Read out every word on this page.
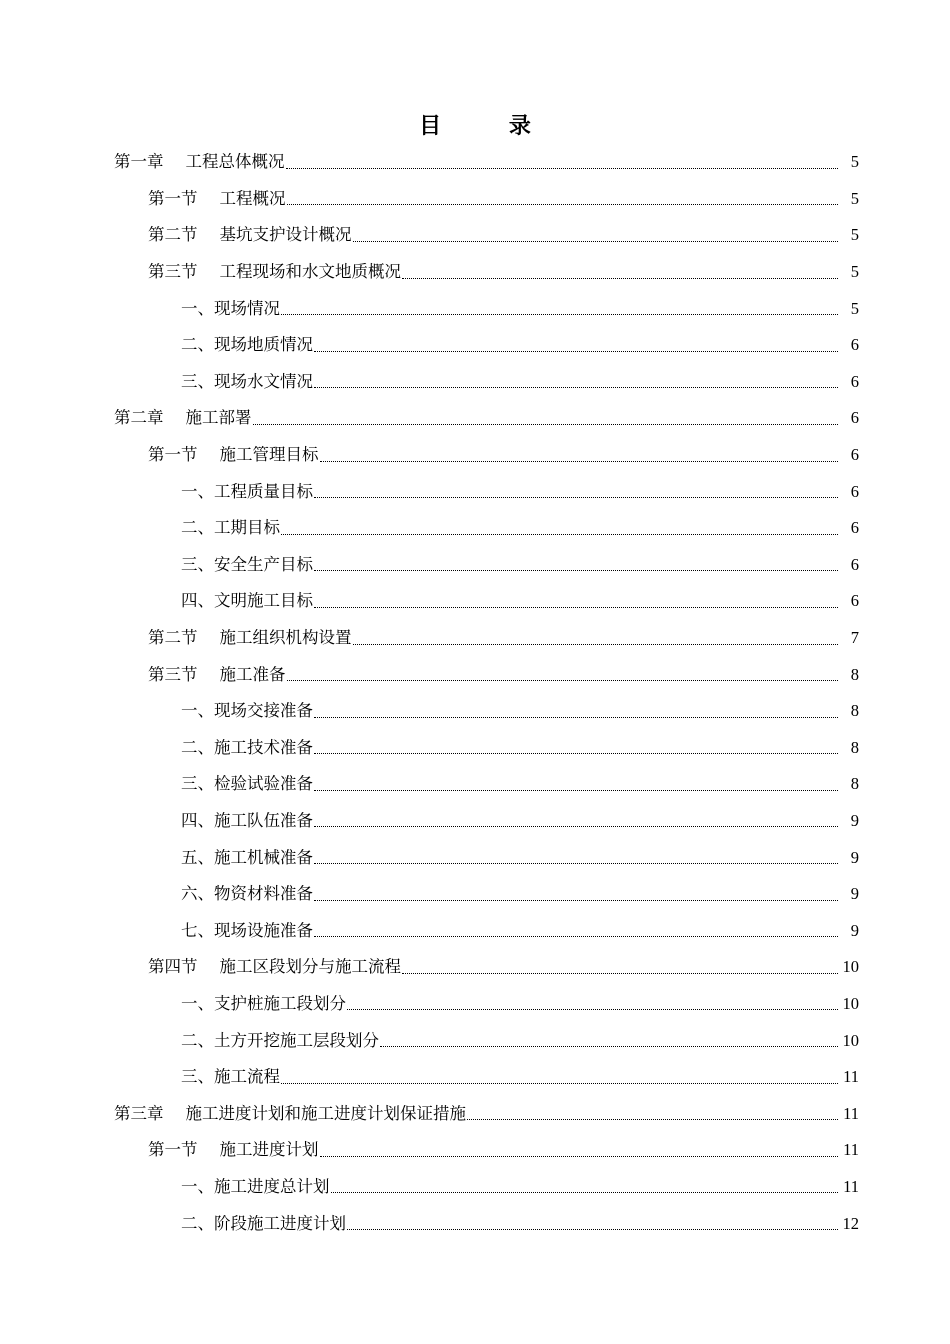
目 录
第一章 工程总体概况	5
第一节 工程概况	5
第二节 基坑支护设计概况	5
第三节 工程现场和水文地质概况	5
一、现场情况	5
二、现场地质情况	6
三、现场水文情况	6
第二章 施工部署	6
第一节 施工管理目标	6
一、工程质量目标	6
二、工期目标	6
三、安全生产目标	6
四、文明施工目标	6
第二节 施工组织机构设置	7
第三节 施工准备	8
一、现场交接准备	8
二、施工技术准备	8
三、检验试验准备	8
四、施工队伍准备	9
五、施工机械准备	9
六、物资材料准备	9
七、现场设施准备	9
第四节 施工区段划分与施工流程	10
一、支护桩施工段划分	10
二、土方开挖施工层段划分	10
三、施工流程	11
第三章 施工进度计划和施工进度计划保证措施	11
第一节 施工进度计划	11
一、施工进度总计划	11
二、阶段施工进度计划	12
